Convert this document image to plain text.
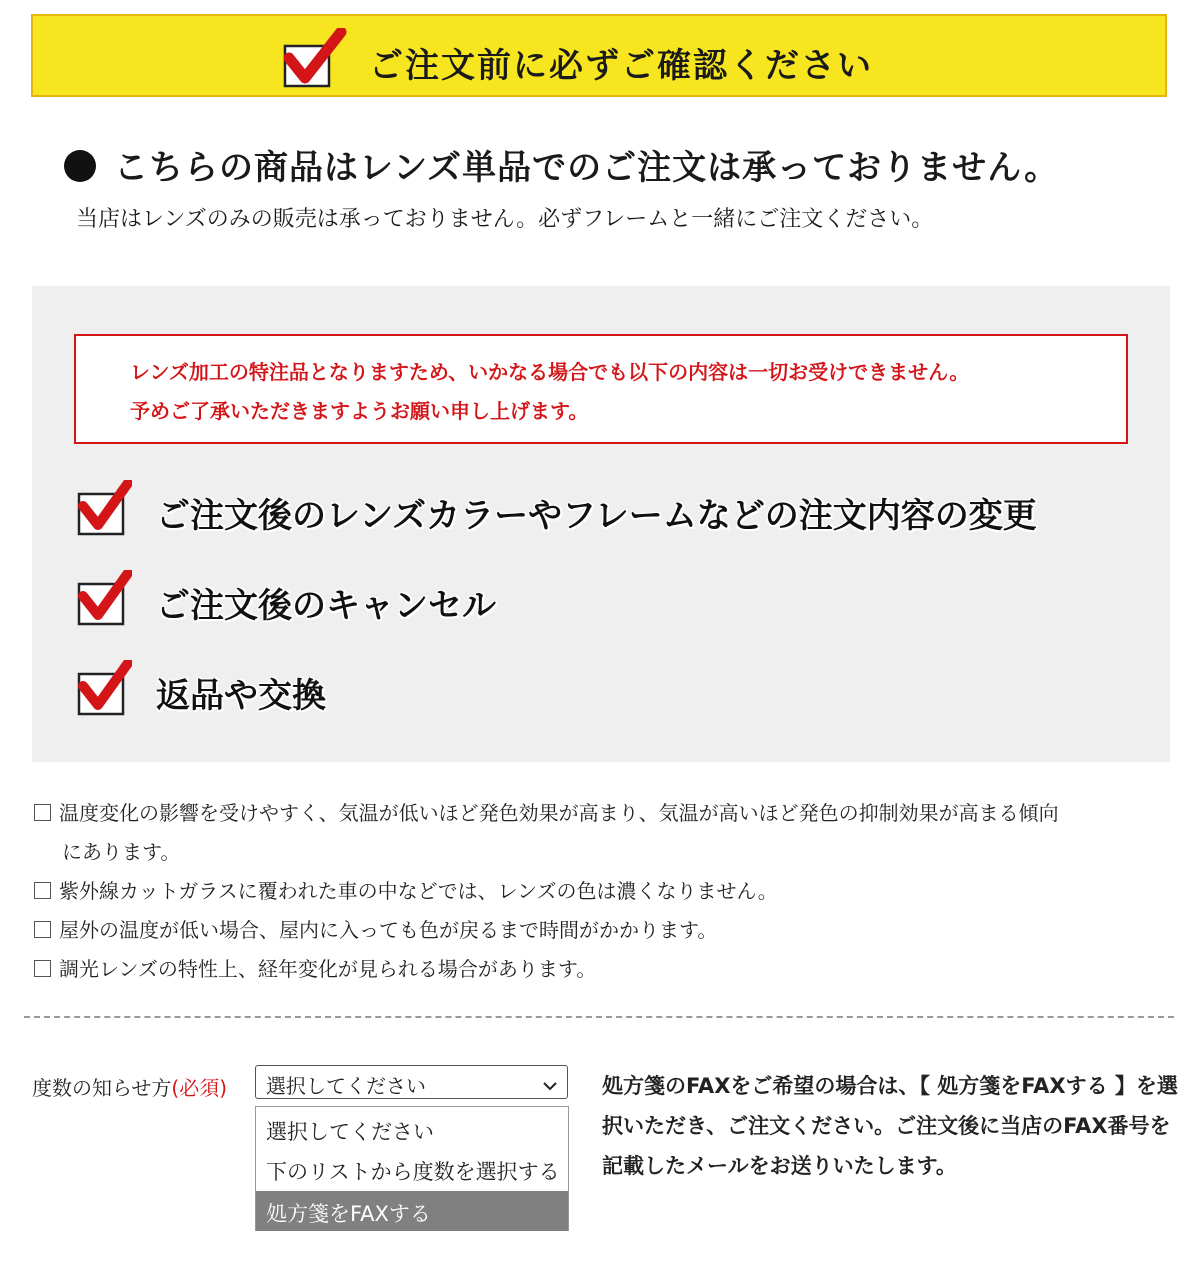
ご注文前に必ずご確認ください
こちらの商品はレンズ単品でのご注文は承っておりません。
当店はレンズのみの販売は承っておりません。必ずフレームと一緒にご注文ください。

レンズ加工の特注品となりますため、いかなる場合でも以下の内容は一切お受けできません。

予めご了承いただきますようお願い申し上げます。

ご注文後のレンズカラーやフレームなどの注文内容の変更
ご注文後のキャンセル
返品や交換
温度変化の影響を受けやすく、気温が低いほど発色効果が高まり、気温が高いほど発色の抑制効果が高まる傾向
にあります。
紫外線カットガラスに覆われた車の中などでは、レンズの色は濃くなりません。
屋外の温度が低い場合、屋内に入っても色が戻るまで時間がかかります。
調光レンズの特性上、経年変化が見られる場合があります。
度数の知らせ方(必須) 選択してください
選択してください
下のリストから度数を選択する
処方箋をFAXする
処方箋のFAXをご希望の場合は、【 処方箋をFAXする 】を選択いただき、ご注文ください。ご注文後に当店のFAX番号を記載したメールをお送りいたします。
